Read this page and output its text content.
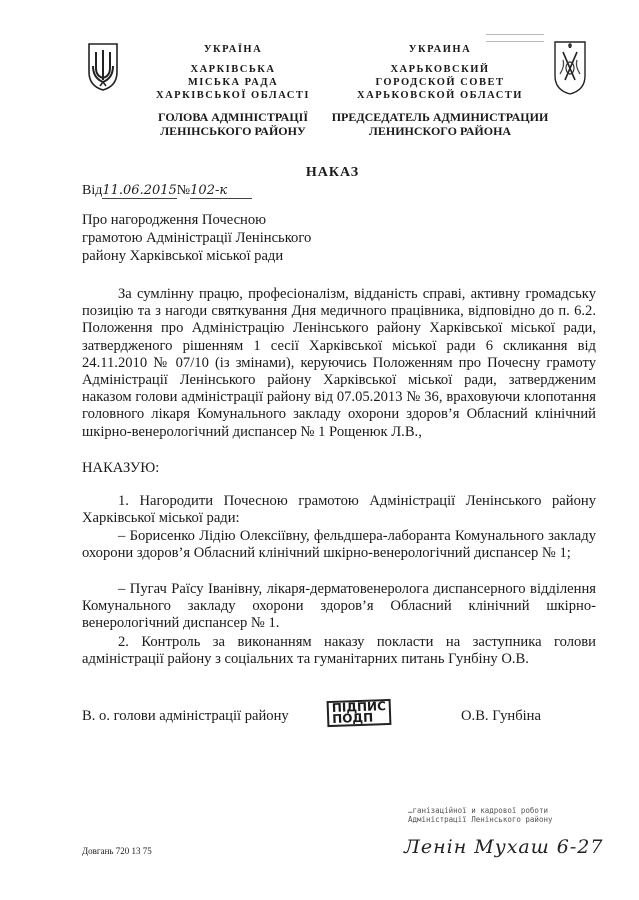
УКРАЇНА
ХАРКІВСЬКА
МІСЬКА РАДА
ХАРКІВСЬКОЇ ОБЛАСТІ
ГОЛОВА АДМІНІСТРАЦІЇ
ЛЕНІНСЬКОГО РАЙОНУ
УКРАИНА
ХАРЬКОВСКИЙ
ГОРОДСКОЙ СОВЕТ
ХАРЬКОВСКОЙ ОБЛАСТИ
ПРЕДСЕДАТЕЛЬ АДМИНИСТРАЦИИ
ЛЕНИНСКОГО РАЙОНА
НАКАЗ
Від11.06.2015№102-к
Про нагородження Почесною
грамотою Адміністрації Ленінського
району Харківської міської ради
За сумлінну працю, професіоналізм, відданість справі, активну громадську позицію та з нагоди святкування Дня медичного працівника, відповідно до п. 6.2. Положення про Адміністрацію Ленінського району Харківської міської ради, затвердженого рішенням 1 сесії Харківської міської ради 6 скликання від 24.11.2010 № 07/10 (із змінами), керуючись Положенням про Почесну грамоту Адміністрації Ленінського району Харківської міської ради, затвердженим наказом голови адміністрації району від 07.05.2013 № 36, враховуючи клопотання головного лікаря Комунального закладу охорони здоров’я Обласний клінічний шкірно-венерологічний диспансер № 1 Рощенюк Л.В.,
НАКАЗУЮ:
1. Нагородити Почесною грамотою Адміністрації Ленінського району Харківської міської ради:
– Борисенко Лідію Олексіївну, фельдшера-лаборанта Комунального закладу охорони здоров’я Обласний клінічний шкірно-венерологічний диспансер № 1;
– Пугач Раїсу Іванівну, лікаря-дерматовенеролога диспансерного відділення Комунального закладу охорони здоров’я Обласний клінічний шкірно-венерологічний диспансер № 1.
2. Контроль за виконанням наказу покласти на заступника голови адміністрації району з соціальних та гуманітарних питань Гунбіну О.В.
В. о. голови адміністрації району
ПІДПИС
ПОДП	О.В. Гунбіна
…ганізаційної и кадрової роботи
Адміністрації Ленінського району
Ленін Мухаш 6-27
Довгань 720 13 75
